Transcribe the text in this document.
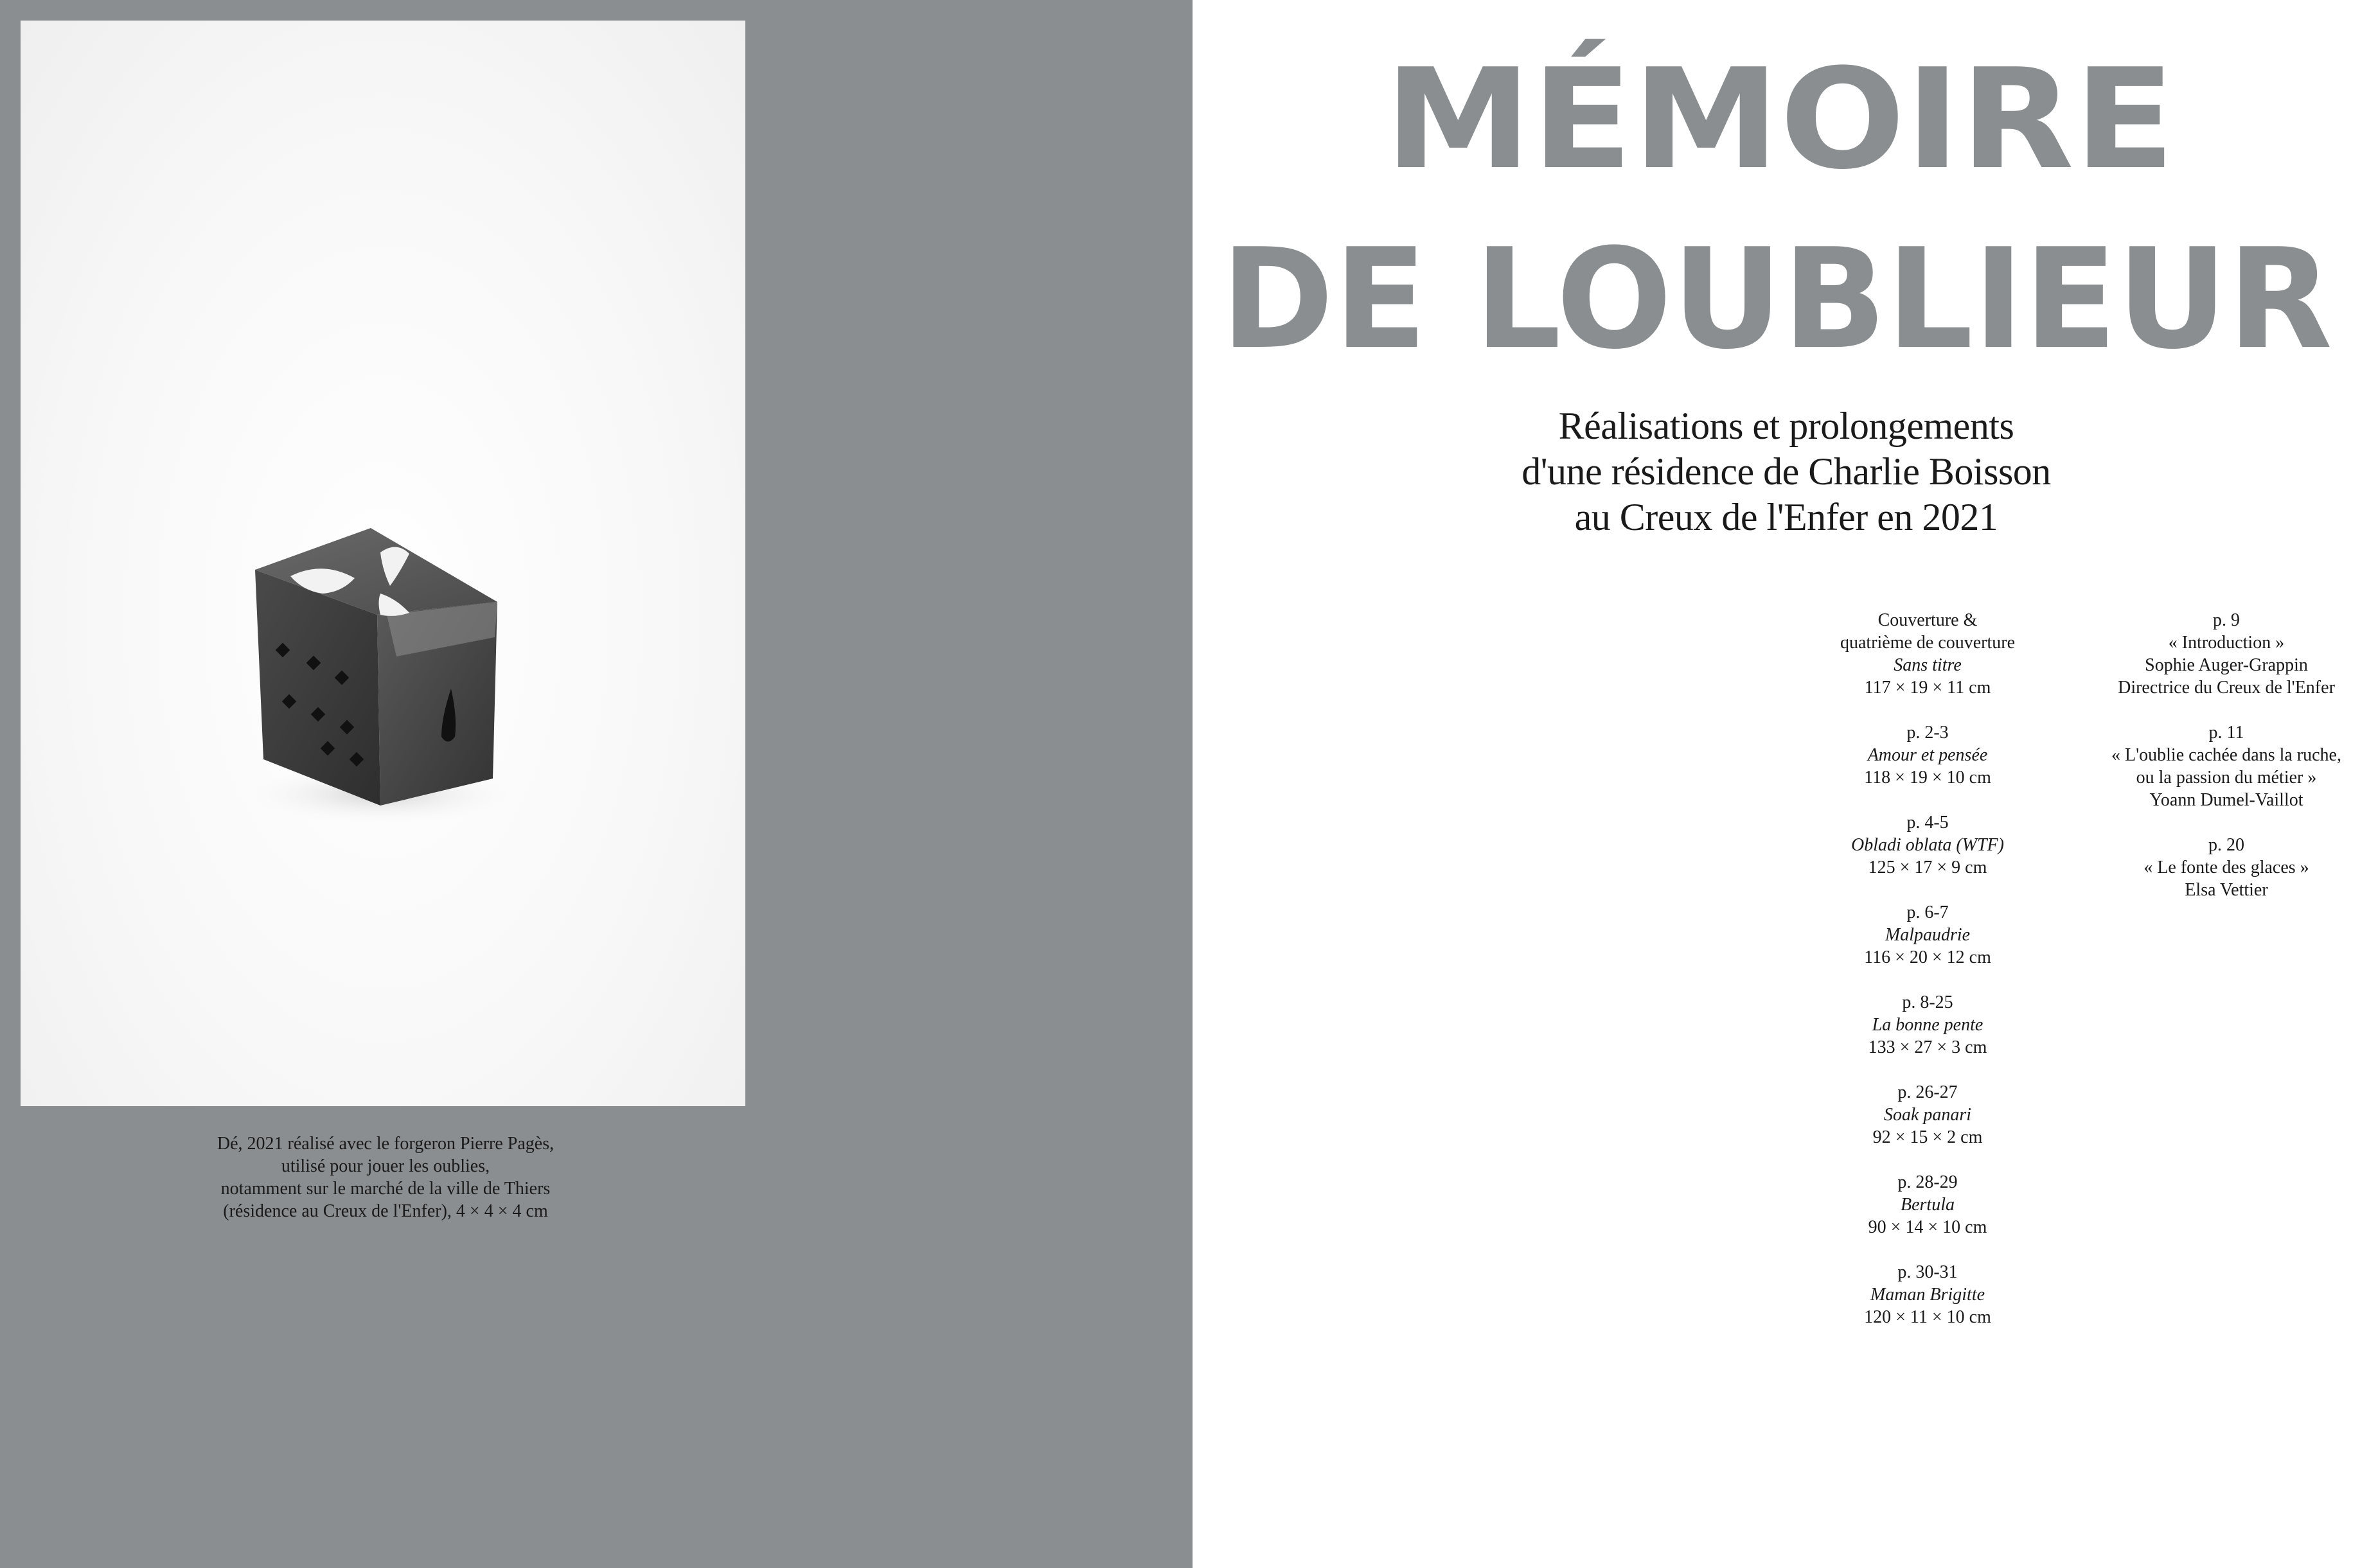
Dé, 2021 réalisé avec le forgeron Pierre Pagès,
utilisé pour jouer les oublies,
notamment sur le marché de la ville de Thiers
(résidence au Creux de l'Enfer), 4 × 4 × 4 cm
MÉMOIRE
DE LOUBLIEUR
Réalisations et prolongements
d'une résidence de Charlie Boisson
au Creux de l'Enfer en 2021
Couverture &
quatrième de couverture
Sans titre
117 × 19 × 11 cm
p. 2-3
Amour et pensée
118 × 19 × 10 cm
p. 4-5
Obladi oblata (WTF)
125 × 17 × 9 cm
p. 6-7
Malpaudrie
116 × 20 × 12 cm
p. 8-25
La bonne pente
133 × 27 × 3 cm
p. 26-27
Soak panari
92 × 15 × 2 cm
p. 28-29
Bertula
90 × 14 × 10 cm
p. 30-31
Maman Brigitte
120 × 11 × 10 cm
p. 9
« Introduction »
Sophie Auger-Grappin
Directrice du Creux de l'Enfer
p. 11
« L'oublie cachée dans la ruche,
ou la passion du métier »
Yoann Dumel-Vaillot
p. 20
« Le fonte des glaces »
Elsa Vettier
